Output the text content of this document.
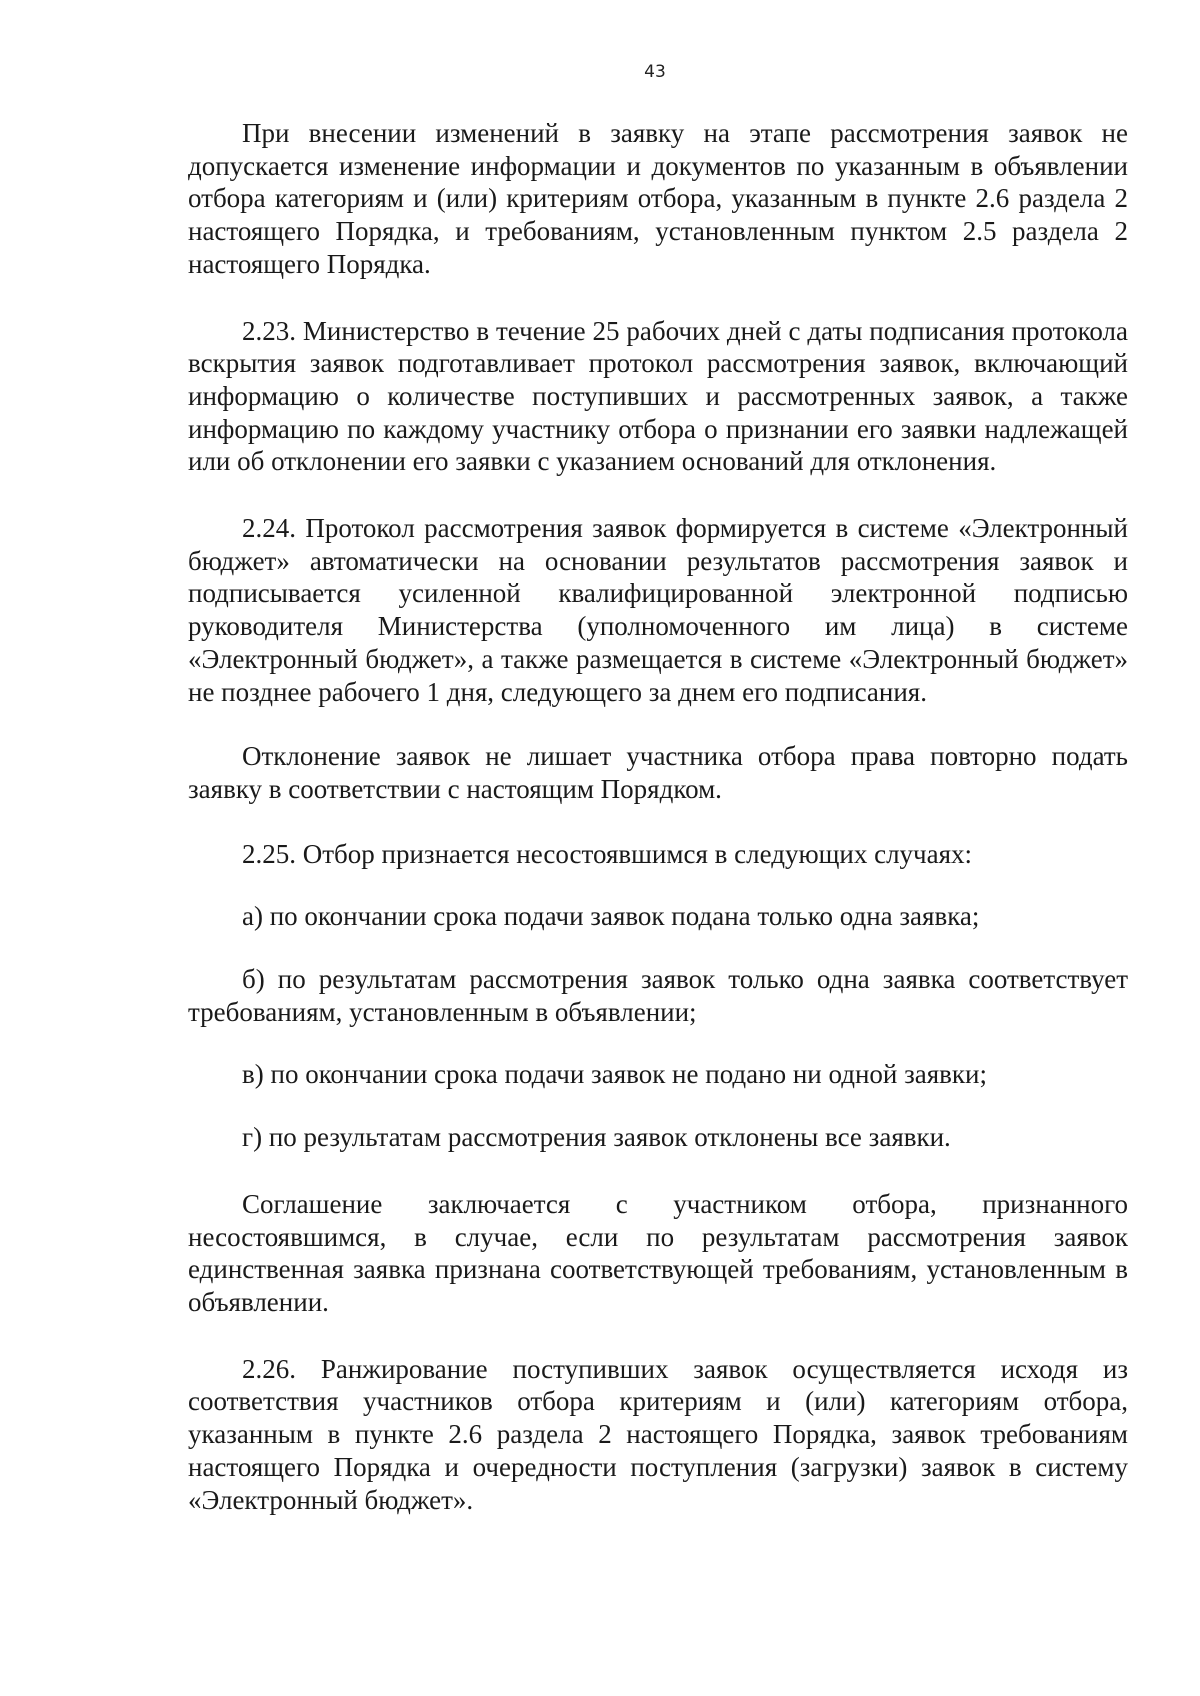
43

При внесении изменений в заявку на этапе рассмотрения заявок не допускается изменение информации и документов по указанным в объявлении отбора категориям и (или) критериям отбора, указанным в пункте 2.6 раздела 2 настоящего Порядка, и требованиям, установленным пунктом 2.5 раздела 2 настоящего Порядка.

2.23. Министерство в течение 25 рабочих дней с даты подписания протокола вскрытия заявок подготавливает протокол рассмотрения заявок, включающий информацию о количестве поступивших и рассмотренных заявок, а также информацию по каждому участнику отбора о признании его заявки надлежащей или об отклонении его заявки с указанием оснований для отклонения.

2.24. Протокол рассмотрения заявок формируется в системе «Электронный бюджет» автоматически на основании результатов рассмотрения заявок и подписывается усиленной квалифицированной электронной подписью руководителя Министерства (уполномоченного им лица) в системе «Электронный бюджет», а также размещается в системе «Электронный бюджет» не позднее рабочего 1 дня, следующего за днем его подписания.

Отклонение заявок не лишает участника отбора права повторно подать заявку в соответствии с настоящим Порядком.

2.25. Отбор признается несостоявшимся в следующих случаях:

а) по окончании срока подачи заявок подана только одна заявка;

б) по результатам рассмотрения заявок только одна заявка соответствует требованиям, установленным в объявлении;

в) по окончании срока подачи заявок не подано ни одной заявки;

г) по результатам рассмотрения заявок отклонены все заявки.

Соглашение заключается с участником отбора, признанного несостоявшимся, в случае, если по результатам рассмотрения заявок единственная заявка признана соответствующей требованиям, установленным в объявлении.

2.26. Ранжирование поступивших заявок осуществляется исходя из соответствия участников отбора критериям и (или) категориям отбора, указанным в пункте 2.6 раздела 2 настоящего Порядка, заявок требованиям настоящего Порядка и очередности поступления (загрузки) заявок в систему «Электронный бюджет».
